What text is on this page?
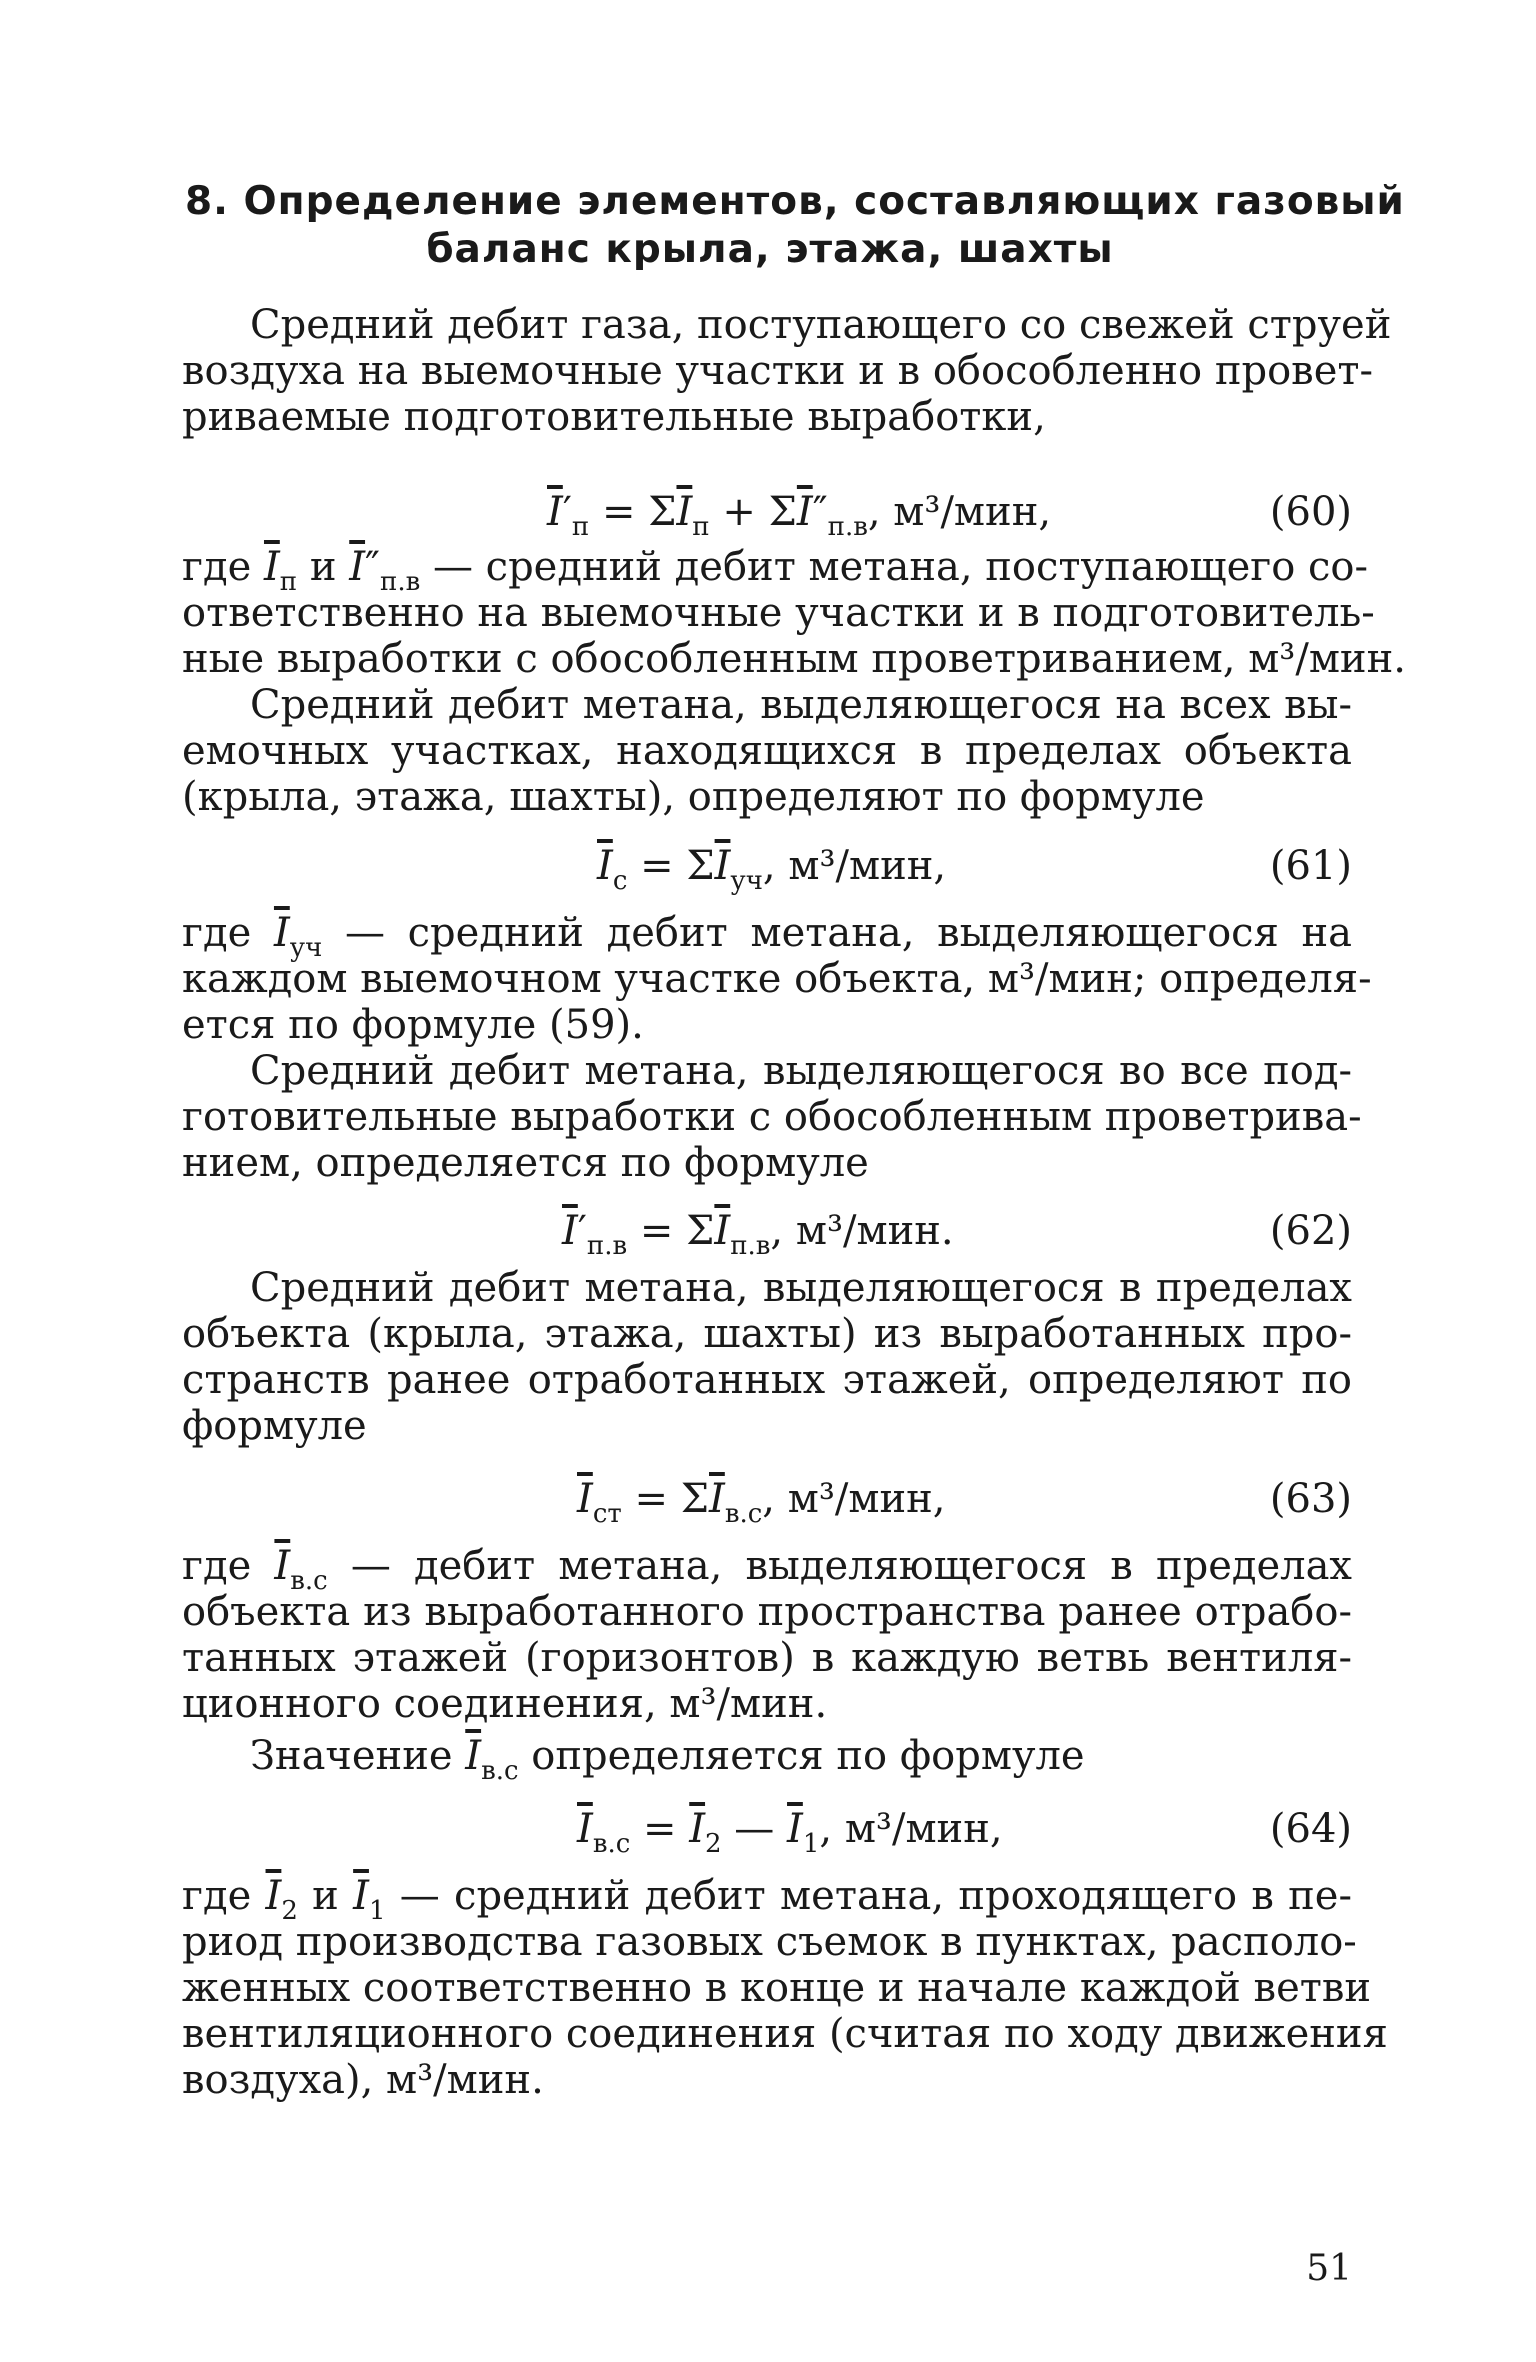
8. Определение элементов, составляющих газовый
баланс крыла, этажа, шахты
Средний дебит газа, поступающего со свежей струей
воздуха на выемочные участки и в обособленно провет-
риваемые подготовительные выработки,
$\overline{I}'_п = \Sigma\overline{I}_п + \Sigma\overline{I}''_{п.в}$, м³/мин,	(60)
где $\overline{I}_п$ и $\overline{I}''_{п.в}$ — средний дебит метана, поступающего со-
ответственно на выемочные участки и в подготовитель-
ные выработки с обособленным проветриванием, м³/мин.
Средний дебит метана, выделяющегося на всех вы-
емочных участках, находящихся в пределах объекта
(крыла, этажа, шахты), определяют по формуле
$\overline{I}_с = \Sigma\overline{I}_{уч}$, м³/мин,	(61)
где $\overline{I}_{уч}$ — средний дебит метана, выделяющегося на
каждом выемочном участке объекта, м³/мин; определя-
ется по формуле (59).
Средний дебит метана, выделяющегося во все под-
готовительные выработки с обособленным проветрива-
нием, определяется по формуле
$\overline{I}'_{п.в} = \Sigma\overline{I}_{п.в}$, м³/мин.	(62)
Средний дебит метана, выделяющегося в пределах
объекта (крыла, этажа, шахты) из выработанных про-
странств ранее отработанных этажей, определяют по
формуле
$\overline{I}_{ст} = \Sigma\overline{I}_{в.с}$, м³/мин,	(63)
где $\overline{I}_{в.с}$ — дебит метана, выделяющегося в пределах
объекта из выработанного пространства ранее отрабо-
танных этажей (горизонтов) в каждую ветвь вентиля-
ционного соединения, м³/мин.
Значение $\overline{I}_{в.с}$ определяется по формуле
$\overline{I}_{в.с} = \overline{I}_2$ — $\overline{I}_1$, м³/мин,	(64)
где $\overline{I}_2$ и $\overline{I}_1$ — средний дебит метана, проходящего в пе-
риод производства газовых съемок в пунктах, располо-
женных соответственно в конце и начале каждой ветви
вентиляционного соединения (считая по ходу движения
воздуха), м³/мин.
51
